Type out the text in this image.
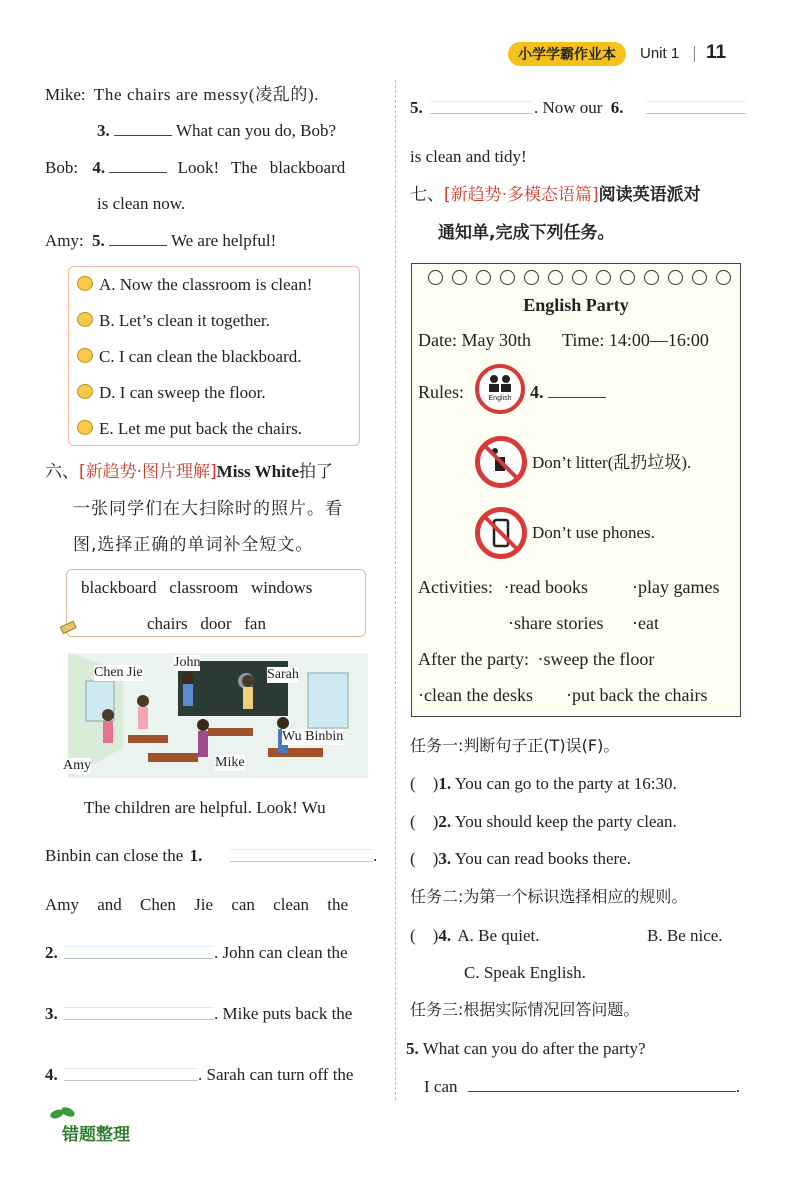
小学学霸作业本	Unit 1 11
Mike: The chairs are messy(凌乱的).
3.	What can you do, Bob?
Bob: 4.	Look! The blackboard
is clean now.
Amy: 5.	We are helpful!
A. Now the classroom is clean!
B. Let’s clean it together.
C. I can clean the blackboard.
D. I can sweep the floor.
E. Let me put back the chairs.
六、[新趋势·图片理解]Miss White拍了
一张同学们在大扫除时的照片。看
图,选择正确的单词补全短文。
blackboard   classroom   windows
chairs   door   fan
Chen Jie
John
Sarah
Wu Binbin
Amy	Mike
The children are helpful. Look! Wu
Binbin can close the 1.	.
Amy and Chen Jie can clean the
2.	. John can clean the
3.	. Mike puts back the
4.	. Sarah can turn off the
错题整理
5.	. Now our 6.
is clean and tidy!
七、[新趋势·多模态语篇]阅读英语派对
通知单,完成下列任务。
English Party
Date: May 30th Time: 14:00—16:00
Rules:	English	4.
Don’t litter(乱扔垃圾).
Don’t use phones.
Activities: ·read books ·play games
·share stories ·eat
After the party: ·sweep the floor
·clean the desks ·put back the chairs
任务一:判断句子正(T)误(F)。
(    )1. You can go to the party at 16:30.
(    )2. You should keep the party clean.
(    )3. You can read books there.
任务二:为第一个标识选择相应的规则。
(    )4. A. Be quiet.	B. Be nice.
C. Speak English.
任务三:根据实际情况回答问题。
5. What can you do after the party?
I can	.
